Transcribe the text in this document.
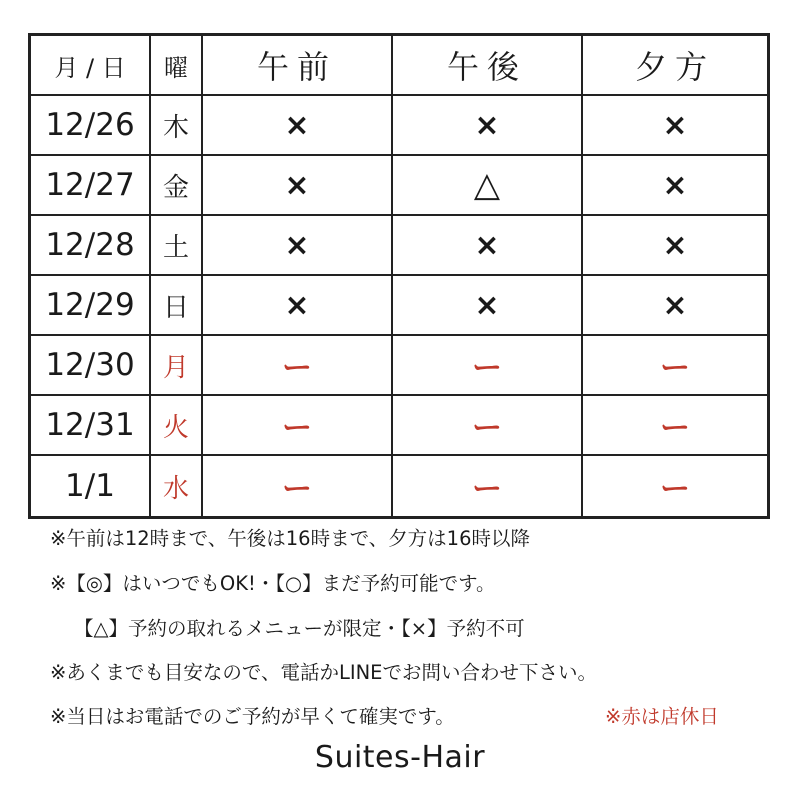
月 / 日	曜	午前	午後	夕方
12/26	木	×	×	×
12/27	金	×	△	×
12/28	土	×	×	×
12/29	日	×	×	×
12/30	月	ー	ー	ー
12/31	火	ー	ー	ー
1/1	水	ー	ー	ー
※午前は12時まで、午後は16時まで、夕方は16時以降
※【◎】はいつでもOK!・【○】まだ予約可能です。
【△】予約の取れるメニューが限定・【×】予約不可
※あくまでも目安なので、電話かLINEでお問い合わせ下さい。
※当日はお電話でのご予約が早くて確実です。	※赤は店休日
Suites-Hair
